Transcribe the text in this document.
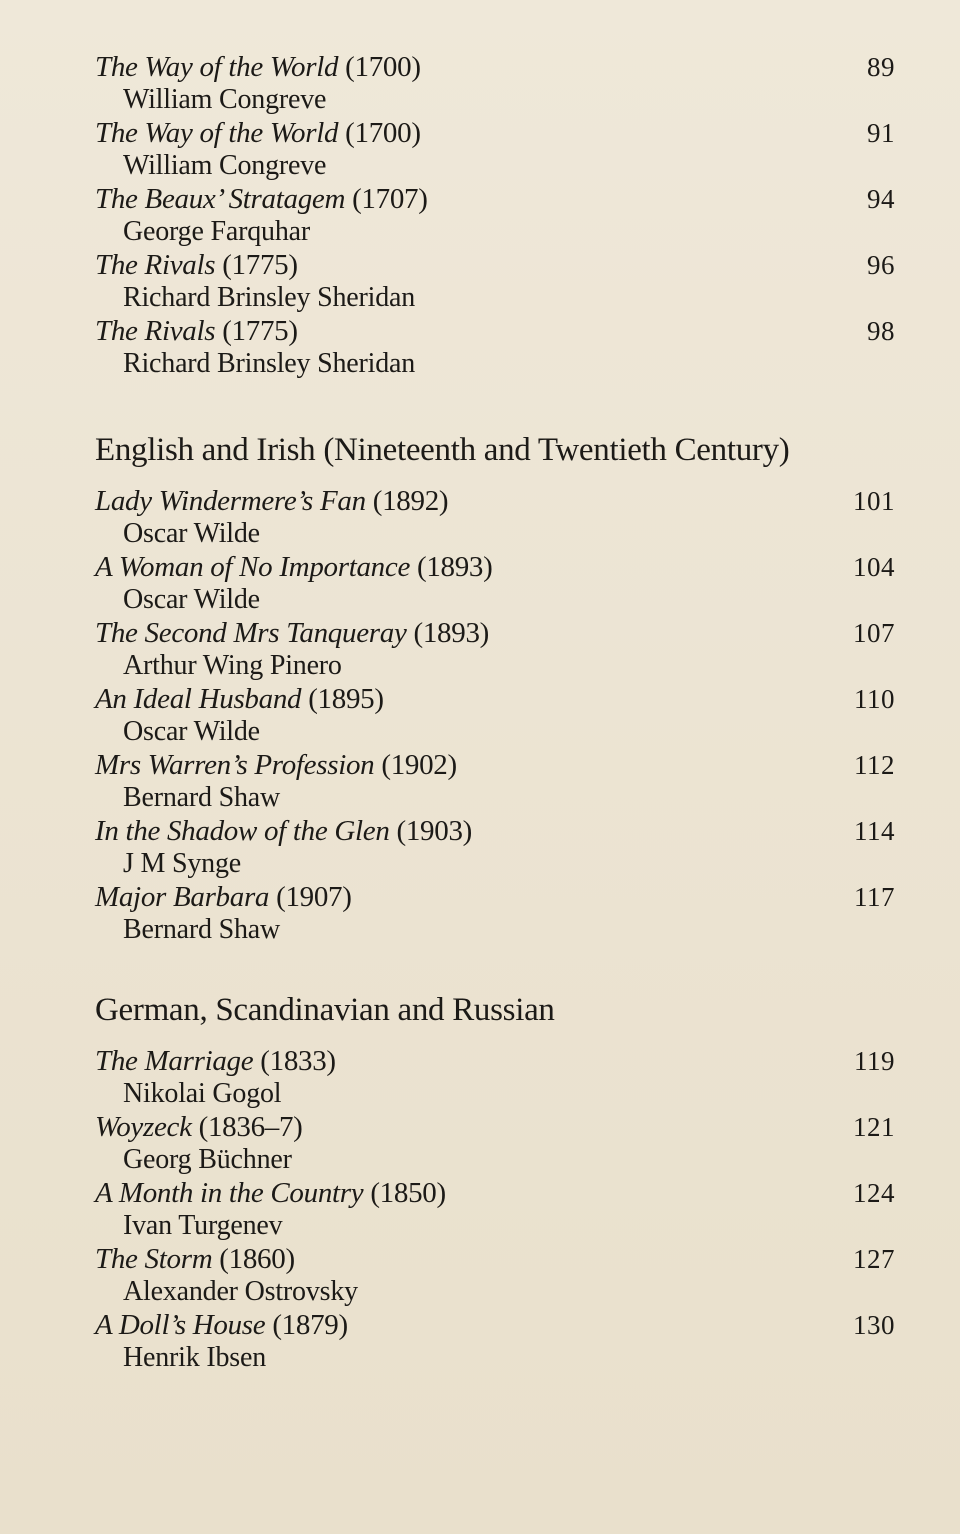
The Way of the World (1700)
William Congreve
89
The Way of the World (1700)
William Congreve
91
The Beaux’ Stratagem (1707)
George Farquhar
94
The Rivals (1775)
Richard Brinsley Sheridan
96
The Rivals (1775)
Richard Brinsley Sheridan
98
English and Irish (Nineteenth and Twentieth Century)
Lady Windermere’s Fan (1892)
Oscar Wilde
101
A Woman of No Importance (1893)
Oscar Wilde
104
The Second Mrs Tanqueray (1893)
Arthur Wing Pinero
107
An Ideal Husband (1895)
Oscar Wilde
110
Mrs Warren’s Profession (1902)
Bernard Shaw
112
In the Shadow of the Glen (1903)
J M Synge
114
Major Barbara (1907)
Bernard Shaw
117
German, Scandinavian and Russian
The Marriage (1833)
Nikolai Gogol
119
Woyzeck (1836–7)
Georg Büchner
121
A Month in the Country (1850)
Ivan Turgenev
124
The Storm (1860)
Alexander Ostrovsky
127
A Doll’s House (1879)
Henrik Ibsen
130
